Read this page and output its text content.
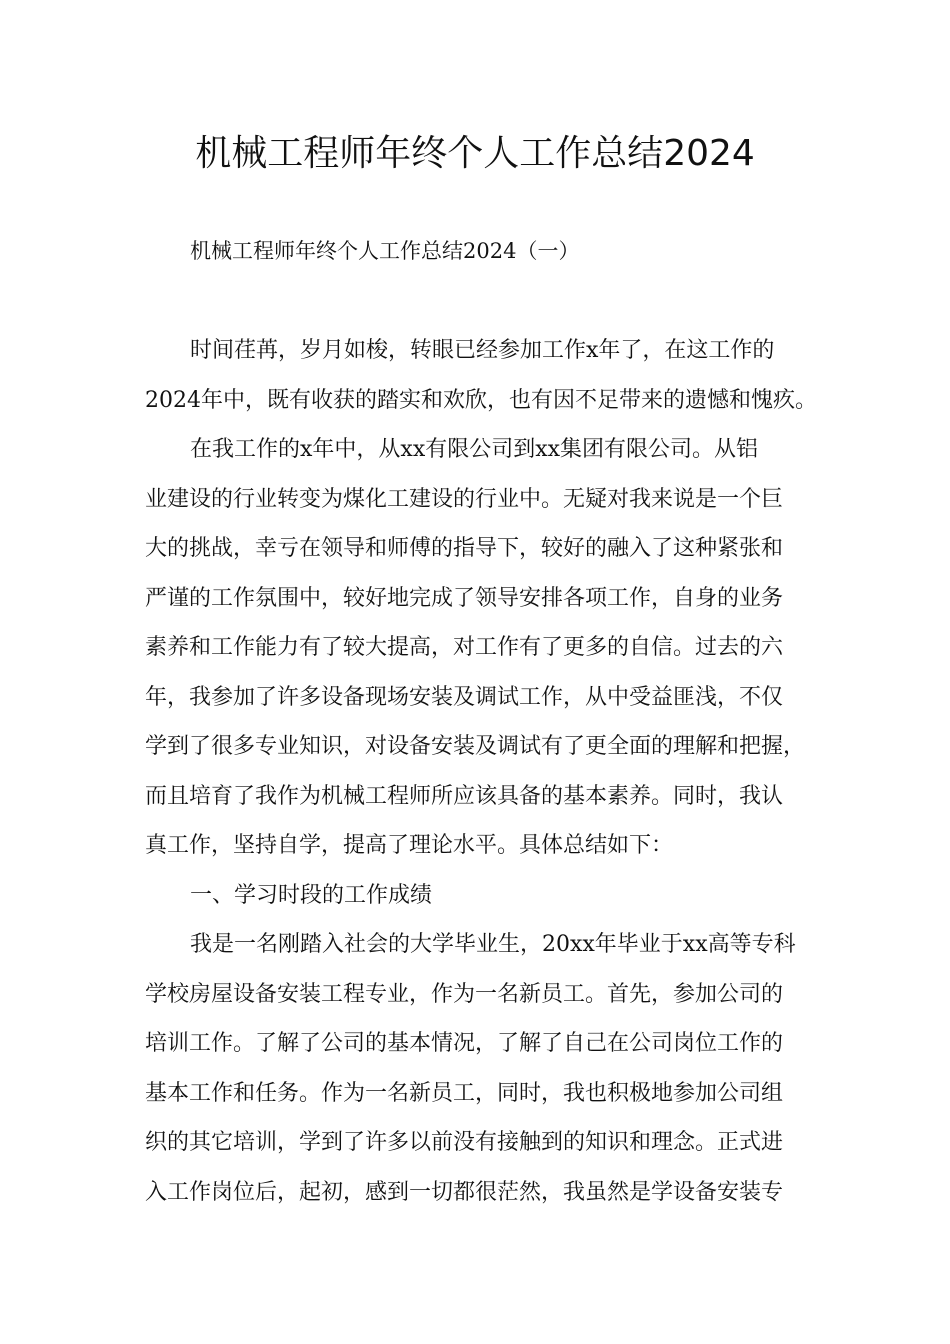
机械工程师年终个人工作总结2024

机械工程师年终个人工作总结2024（一）

时间荏苒，岁月如梭，转眼已经参加工作x年了，在这工作的
2024年中，既有收获的踏实和欢欣，也有因不足带来的遗憾和愧疚。
在我工作的x年中，从xx有限公司到xx集团有限公司。从铝
业建设的行业转变为煤化工建设的行业中。无疑对我来说是一个巨
大的挑战，幸亏在领导和师傅的指导下，较好的融入了这种紧张和
严谨的工作氛围中，较好地完成了领导安排各项工作，自身的业务
素养和工作能力有了较大提高，对工作有了更多的自信。过去的六
年，我参加了许多设备现场安装及调试工作，从中受益匪浅，不仅
学到了很多专业知识，对设备安装及调试有了更全面的理解和把握，
而且培育了我作为机械工程师所应该具备的基本素养。同时，我认
真工作，坚持自学，提高了理论水平。具体总结如下：
一、学习时段的工作成绩
我是一名刚踏入社会的大学毕业生，20xx年毕业于xx高等专科
学校房屋设备安装工程专业，作为一名新员工。首先，参加公司的
培训工作。了解了公司的基本情况，了解了自己在公司岗位工作的
基本工作和任务。作为一名新员工，同时，我也积极地参加公司组
织的其它培训，学到了许多以前没有接触到的知识和理念。正式进
入工作岗位后，起初，感到一切都很茫然，我虽然是学设备安装专
